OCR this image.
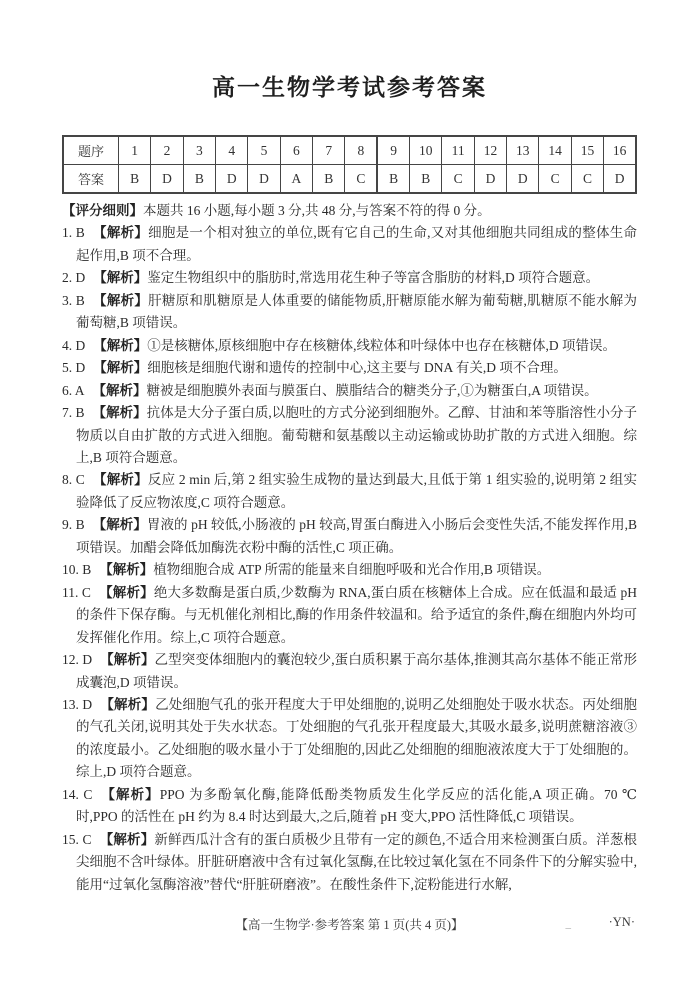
高一生物学考试参考答案
题序	1	2	3	4	5	6	7	8	9	10	11	12	13	14	15	16
答案	B	D	B	D	D	A	B	C	B	B	C	D	D	C	C	D

【评分细则】本题共 16 小题,每小题 3 分,共 48 分,与答案不符的得 0 分。

1. B 【解析】细胞是一个相对独立的单位,既有它自己的生命,又对其他细胞共同组成的整体生命起作用,B 项不合理。

2. D 【解析】鉴定生物组织中的脂肪时,常选用花生种子等富含脂肪的材料,D 项符合题意。

3. B 【解析】肝糖原和肌糖原是人体重要的储能物质,肝糖原能水解为葡萄糖,肌糖原不能水解为葡萄糖,B 项错误。

4. D 【解析】①是核糖体,原核细胞中存在核糖体,线粒体和叶绿体中也存在核糖体,D 项错误。

5. D 【解析】细胞核是细胞代谢和遗传的控制中心,这主要与 DNA 有关,D 项不合理。

6. A 【解析】糖被是细胞膜外表面与膜蛋白、膜脂结合的糖类分子,①为糖蛋白,A 项错误。

7. B 【解析】抗体是大分子蛋白质,以胞吐的方式分泌到细胞外。乙醇、甘油和苯等脂溶性小分子物质以自由扩散的方式进入细胞。葡萄糖和氨基酸以主动运输或协助扩散的方式进入细胞。综上,B 项符合题意。

8. C 【解析】反应 2 min 后,第 2 组实验生成物的量达到最大,且低于第 1 组实验的,说明第 2 组实验降低了反应物浓度,C 项符合题意。

9. B 【解析】胃液的 pH 较低,小肠液的 pH 较高,胃蛋白酶进入小肠后会变性失活,不能发挥作用,B 项错误。加醋会降低加酶洗衣粉中酶的活性,C 项正确。

10. B 【解析】植物细胞合成 ATP 所需的能量来自细胞呼吸和光合作用,B 项错误。

11. C 【解析】绝大多数酶是蛋白质,少数酶为 RNA,蛋白质在核糖体上合成。应在低温和最适 pH 的条件下保存酶。与无机催化剂相比,酶的作用条件较温和。给予适宜的条件,酶在细胞内外均可发挥催化作用。综上,C 项符合题意。

12. D 【解析】乙型突变体细胞内的囊泡较少,蛋白质积累于高尔基体,推测其高尔基体不能正常形成囊泡,D 项错误。

13. D 【解析】乙处细胞气孔的张开程度大于甲处细胞的,说明乙处细胞处于吸水状态。丙处细胞的气孔关闭,说明其处于失水状态。丁处细胞的气孔张开程度最大,其吸水最多,说明蔗糖溶液③的浓度最小。乙处细胞的吸水量小于丁处细胞的,因此乙处细胞的细胞液浓度大于丁处细胞的。综上,D 项符合题意。

14. C 【解析】PPO 为多酚氧化酶,能降低酚类物质发生化学反应的活化能,A 项正确。70 ℃时,PPO 的活性在 pH 约为 8.4 时达到最大,之后,随着 pH 变大,PPO 活性降低,C 项错误。

15. C 【解析】新鲜西瓜汁含有的蛋白质极少且带有一定的颜色,不适合用来检测蛋白质。洋葱根尖细胞不含叶绿体。肝脏研磨液中含有过氧化氢酶,在比较过氧化氢在不同条件下的分解实验中,能用“过氧化氢酶溶液”替代“肝脏研磨液”。在酸性条件下,淀粉能进行水解,

【高一生物学·参考答案 第 1 页(共 4 页)】	_	·YN·
